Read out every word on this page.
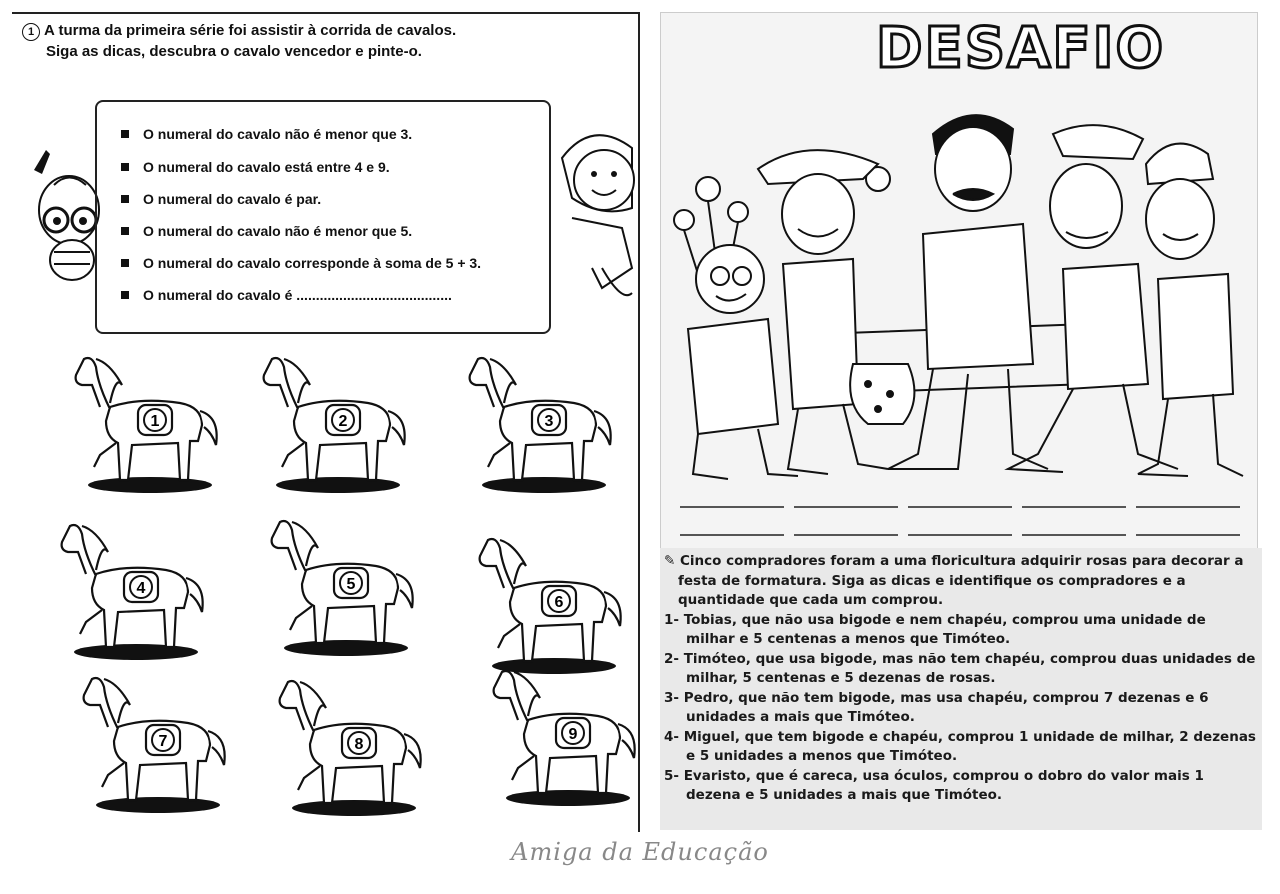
1 A turma da primeira série foi assistir à corrida de cavalos.
Siga as dicas, descubra o cavalo vencedor e pinte-o.
O numeral do cavalo não é menor que 3.
O numeral do cavalo está entre 4 e 9.
O numeral do cavalo é par.
O numeral do cavalo não é menor que 5.
O numeral do cavalo corresponde à soma de 5 + 3.
O numeral do cavalo é ........................................
1	2	3
4	5
6
7	8
9
DESAFIO

✎ Cinco compradores foram a uma floricultura adquirir rosas para decorar a festa de formatura. Siga as dicas e identifique os compradores e a quantidade que cada um comprou.

1- Tobias, que não usa bigode e nem chapéu, comprou uma unidade de milhar e 5 centenas a menos que Timóteo.

2- Timóteo, que usa bigode, mas não tem chapéu, comprou duas unidades de milhar, 5 centenas e 5 dezenas de rosas.

3- Pedro, que não tem bigode, mas usa chapéu, comprou 7 dezenas e 6 unidades a mais que Timóteo.

4- Miguel, que tem bigode e chapéu, comprou 1 unidade de milhar, 2 dezenas e 5 unidades a menos que Timóteo.

5- Evaristo, que é careca, usa óculos, comprou o dobro do valor mais 1 dezena e 5 unidades a mais que Timóteo.

Amiga da Educação
